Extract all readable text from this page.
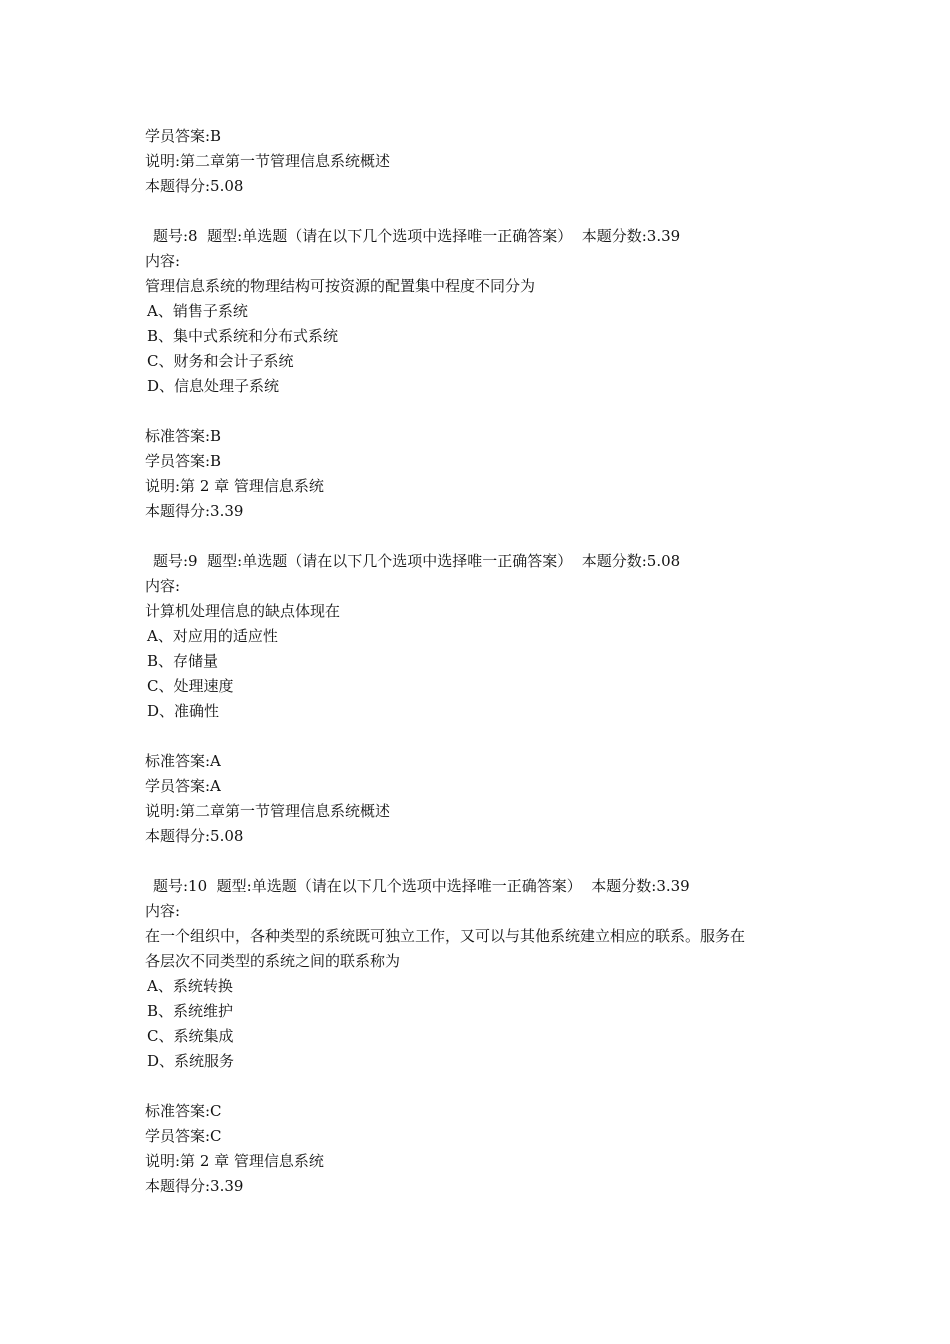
学员答案:B
说明:第二章第一节管理信息系统概述
本题得分:5.08
题号:8  题型:单选题（请在以下几个选项中选择唯一正确答案）  本题分数:3.39
内容:
管理信息系统的物理结构可按资源的配置集中程度不同分为
A、销售子系统
B、集中式系统和分布式系统
C、财务和会计子系统
D、信息处理子系统
标准答案:B
学员答案:B
说明:第 2 章 管理信息系统
本题得分:3.39
题号:9  题型:单选题（请在以下几个选项中选择唯一正确答案）  本题分数:5.08
内容:
计算机处理信息的缺点体现在
A、对应用的适应性
B、存储量
C、处理速度
D、准确性
标准答案:A
学员答案:A
说明:第二章第一节管理信息系统概述
本题得分:5.08
题号:10  题型:单选题（请在以下几个选项中选择唯一正确答案）  本题分数:3.39
内容:
在一个组织中，各种类型的系统既可独立工作，又可以与其他系统建立相应的联系。服务在
各层次不同类型的系统之间的联系称为
A、系统转换
B、系统维护
C、系统集成
D、系统服务
标准答案:C
学员答案:C
说明:第 2 章 管理信息系统
本题得分:3.39
